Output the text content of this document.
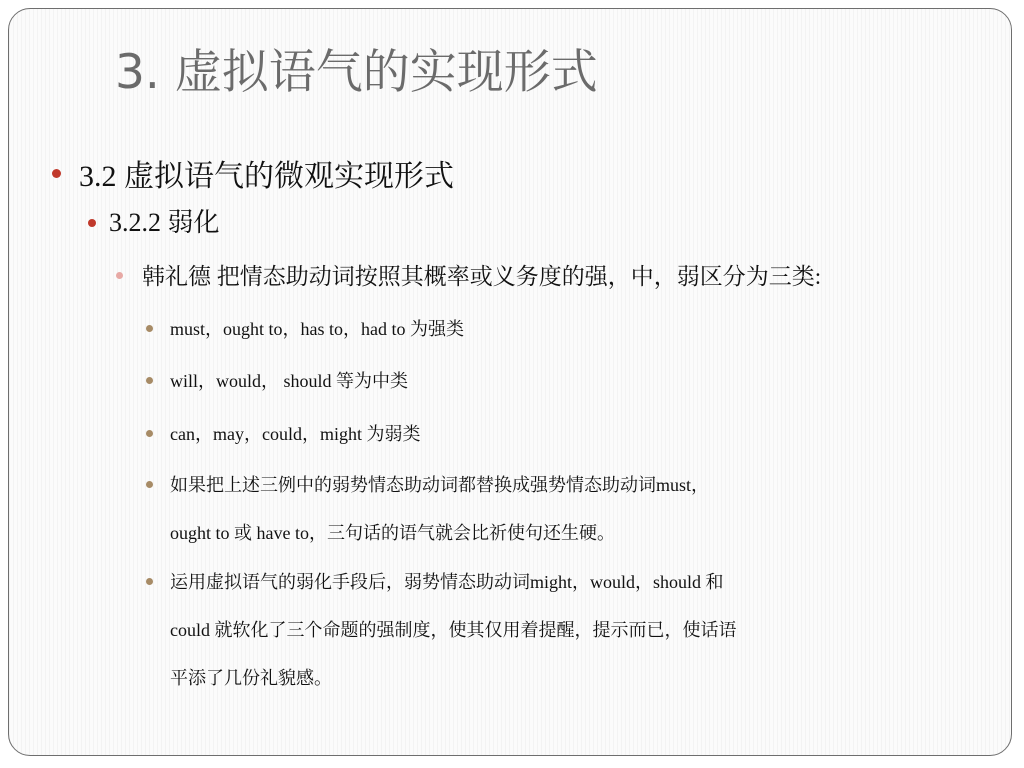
3. 虚拟语气的实现形式
3.2 虚拟语气的微观实现形式
3.2.2 弱化
韩礼德 把情态助动词按照其概率或义务度的强，中，弱区分为三类:
must，ought to，has to，had to 为强类
will，would， should 等为中类
can，may，could，might 为弱类
如果把上述三例中的弱势情态助动词都替换成强势情态助动词must，
ought to 或 have to，三句话的语气就会比祈使句还生硬。
运用虚拟语气的弱化手段后，弱势情态助动词might，would，should 和
could 就软化了三个命题的强制度，使其仅用着提醒，提示而已，使话语
平添了几份礼貌感。
